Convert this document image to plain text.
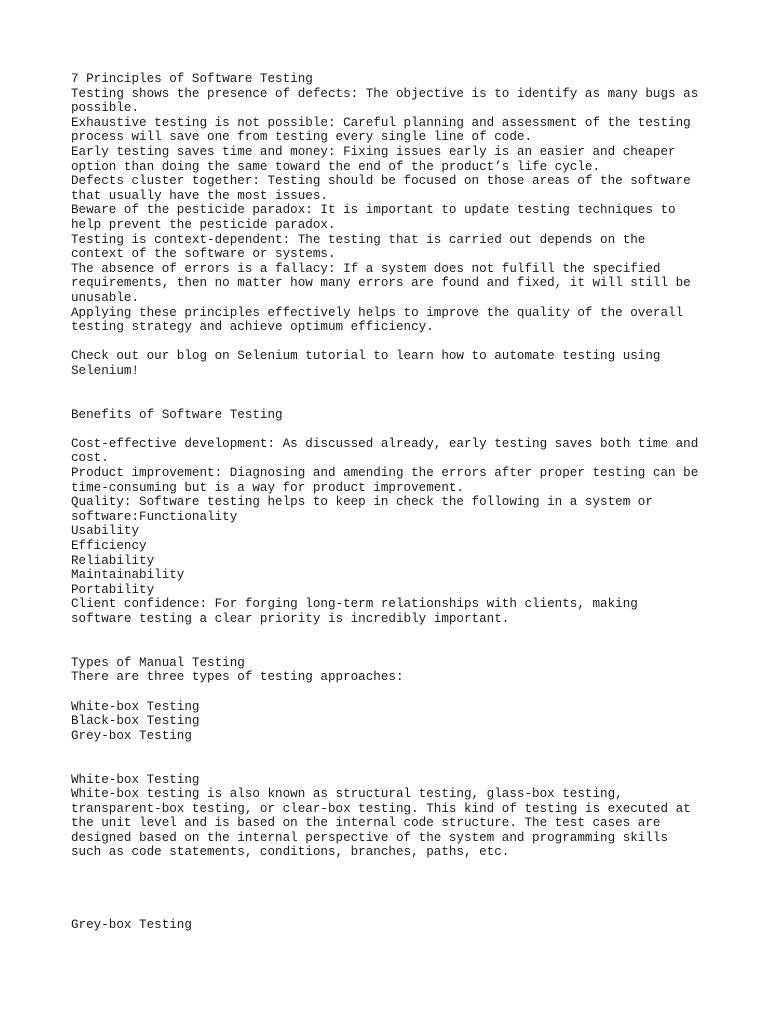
7 Principles of Software Testing
Testing shows the presence of defects: The objective is to identify as many bugs as
possible.
Exhaustive testing is not possible: Careful planning and assessment of the testing
process will save one from testing every single line of code.
Early testing saves time and money: Fixing issues early is an easier and cheaper
option than doing the same toward the end of the product’s life cycle.
Defects cluster together: Testing should be focused on those areas of the software
that usually have the most issues.
Beware of the pesticide paradox: It is important to update testing techniques to
help prevent the pesticide paradox.
Testing is context-dependent: The testing that is carried out depends on the
context of the software or systems.
The absence of errors is a fallacy: If a system does not fulfill the specified
requirements, then no matter how many errors are found and fixed, it will still be
unusable.
Applying these principles effectively helps to improve the quality of the overall
testing strategy and achieve optimum efficiency.
Check out our blog on Selenium tutorial to learn how to automate testing using
Selenium!
Benefits of Software Testing
Cost-effective development: As discussed already, early testing saves both time and
cost.
Product improvement: Diagnosing and amending the errors after proper testing can be
time-consuming but is a way for product improvement.
Quality: Software testing helps to keep in check the following in a system or
software:Functionality
Usability
Efficiency
Reliability
Maintainability
Portability
Client confidence: For forging long-term relationships with clients, making
software testing a clear priority is incredibly important.
Types of Manual Testing
There are three types of testing approaches:
White-box Testing
Black-box Testing
Grey-box Testing
White-box Testing
White-box testing is also known as structural testing, glass-box testing,
transparent-box testing, or clear-box testing. This kind of testing is executed at
the unit level and is based on the internal code structure. The test cases are
designed based on the internal perspective of the system and programming skills
such as code statements, conditions, branches, paths, etc.
Grey-box Testing
